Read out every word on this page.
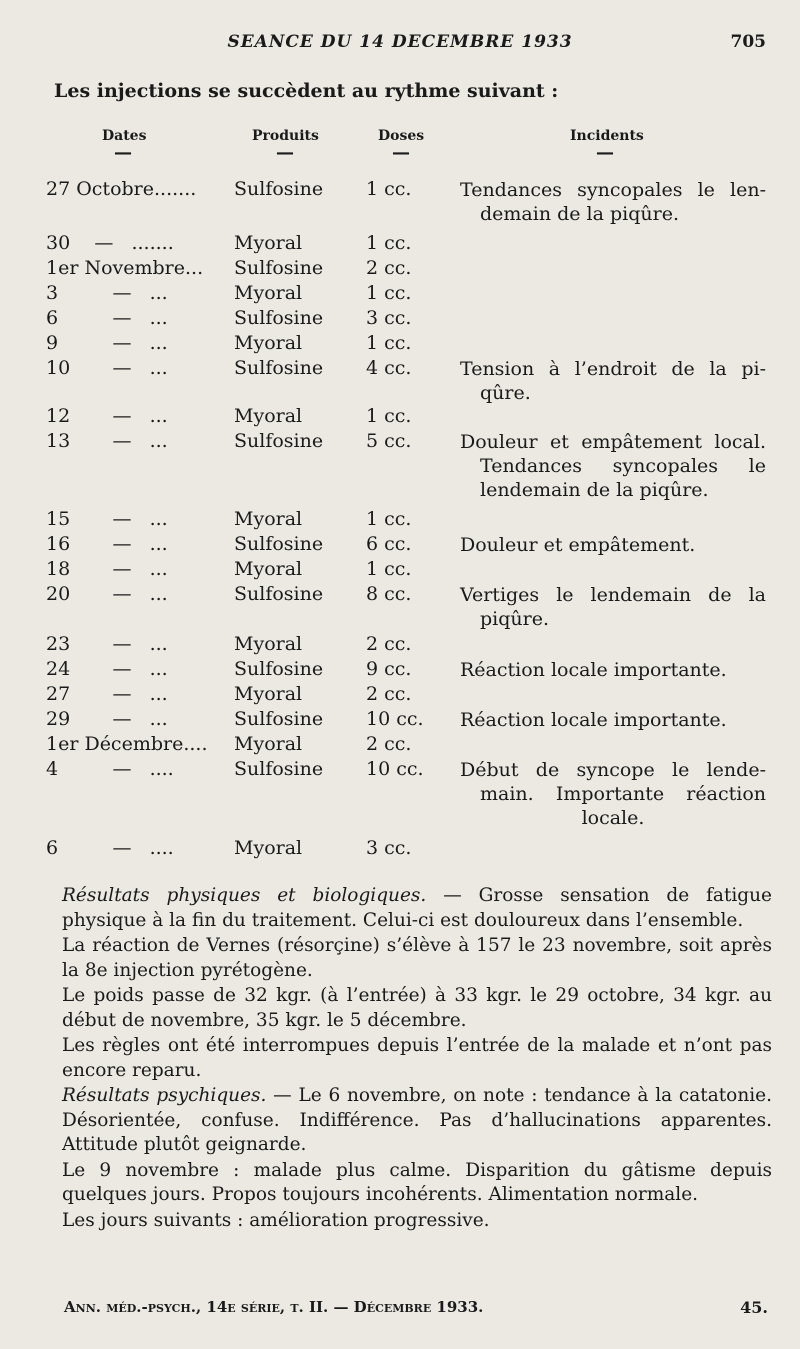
SEANCE DU 14 DECEMBRE 1933	705
Les injections se succèdent au rythme suivant :
Dates	Produits	Doses	Incidents
—	—	—	—
27 Octobre....... Sulfosine 1 cc.	Tendances syncopales le len-
demain de la piqûre.
30    —   .......	Myoral	1 cc.
1er Novembre... Sulfosine 2 cc.
3         —   ...	Myoral	1 cc.
6         —   ...	Sulfosine 3 cc.
9         —   ...	Myoral	1 cc.
10       —   ...	Sulfosine 4 cc.	Tension à l’endroit de la pi-
qûre.
12       —   ...	Myoral	1 cc.
13       —   ...	Sulfosine 5 cc.	Douleur et empâtement local.
Tendances syncopales le
lendemain de la piqûre.
15       —   ...	Myoral	1 cc.
16       —   ...	Sulfosine 6 cc.	Douleur et empâtement.
18       —   ...	Myoral	1 cc.
20       —   ...	Sulfosine 8 cc.	Vertiges le lendemain de la
piqûre.
23       —   ...	Myoral	2 cc.
24       —   ...	Sulfosine 9 cc.	Réaction locale importante.
27       —   ...	Myoral	2 cc.
29       —   ...	Sulfosine 10 cc. Réaction locale importante.
1er Décembre.... Myoral	2 cc.
4         —   ....	Sulfosine 10 cc. Début de syncope le lende-
main. Importante réaction
locale.
6         —   ....	Myoral	3 cc.

Résultats physiques et biologiques. — Grosse sensation de fatigue physique à la fin du traitement. Celui-ci est douloureux dans l’ensemble.

La réaction de Vernes (résorçine) s’élève à 157 le 23 novembre, soit après la 8e injection pyrétogène.

Le poids passe de 32 kgr. (à l’entrée) à 33 kgr. le 29 octobre, 34 kgr. au début de novembre, 35 kgr. le 5 décembre.

Les règles ont été interrompues depuis l’entrée de la malade et n’ont pas encore reparu.

Résultats psychiques. — Le 6 novembre, on note : tendance à la catatonie. Désorientée, confuse. Indifférence. Pas d’hallucinations apparentes. Attitude plutôt geignarde.

Le 9 novembre : malade plus calme. Disparition du gâtisme depuis quelques jours. Propos toujours incohérents. Alimentation normale.

Les jours suivants : amélioration progressive.

Ann. méd.-psych., 14e série, t. II. — Décembre 1933.	45.
